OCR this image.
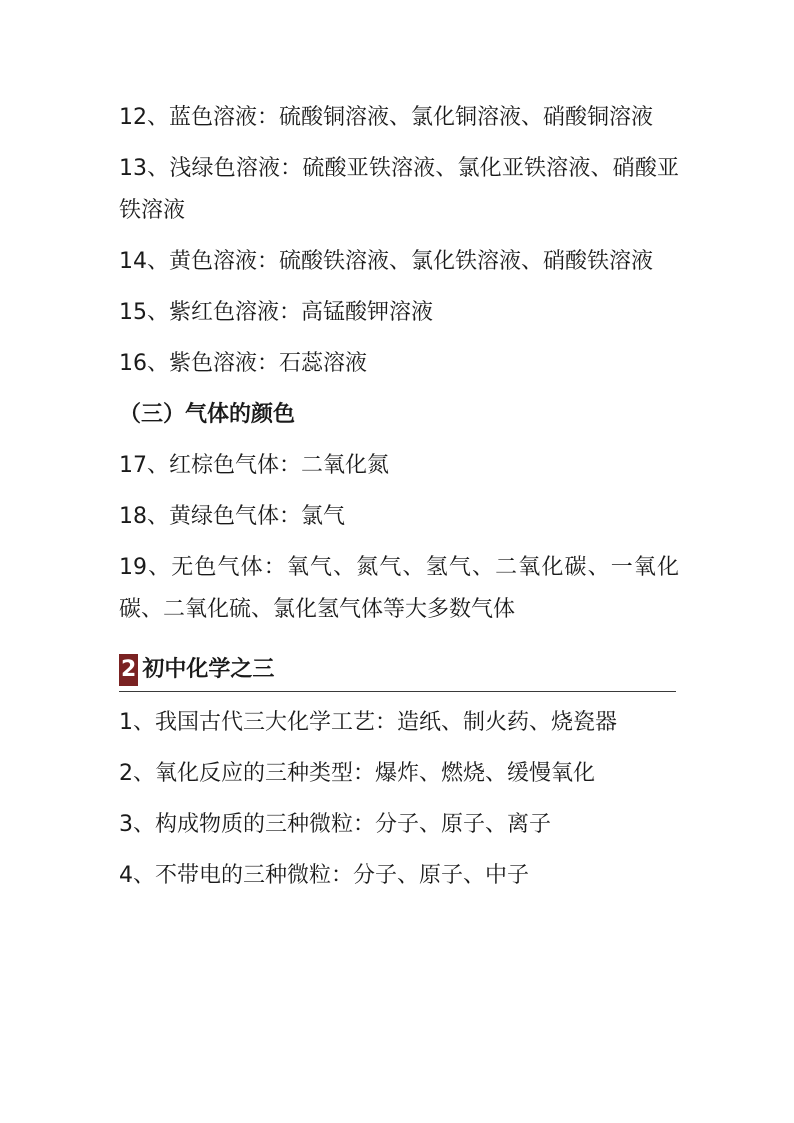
12、蓝色溶液：硫酸铜溶液、氯化铜溶液、硝酸铜溶液

13、浅绿色溶液：硫酸亚铁溶液、氯化亚铁溶液、硝酸亚铁溶液

14、黄色溶液：硫酸铁溶液、氯化铁溶液、硝酸铁溶液

15、紫红色溶液：高锰酸钾溶液

16、紫色溶液：石蕊溶液

（三）气体的颜色

17、红棕色气体：二氧化氮

18、黄绿色气体：氯气

19、无色气体：氧气、氮气、氢气、二氧化碳、一氧化碳、二氧化硫、氯化氢气体等大多数气体

2 初中化学之三

1、我国古代三大化学工艺：造纸、制火药、烧瓷器

2、氧化反应的三种类型：爆炸、燃烧、缓慢氧化

3、构成物质的三种微粒：分子、原子、离子

4、不带电的三种微粒：分子、原子、中子
